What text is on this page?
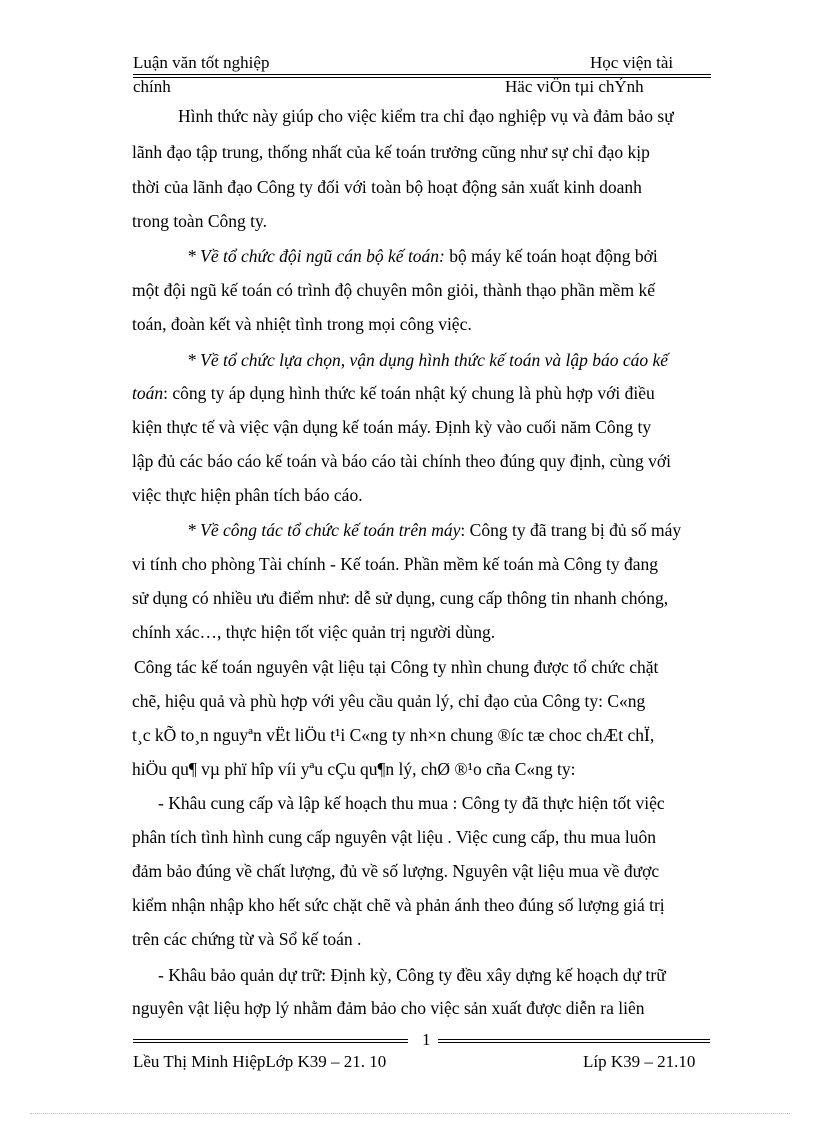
Luận văn tốt nghiệp	Học viện tài
chính	Häc viÖn tµi chÝnh
Hình thức này giúp cho việc kiểm tra chỉ đạo nghiệp vụ và đảm bảo sự
lãnh đạo tập trung, thống nhất của kế toán trưởng cũng như sự chỉ đạo kịp
thời của lãnh đạo Công ty đối với toàn bộ hoạt động sản xuất kinh doanh
trong toàn Công ty.
* Về tổ chức đội ngũ cán bộ kế toán: bộ máy kế toán hoạt động bởi
một đội ngũ kế toán có trình độ chuyên môn giỏi, thành thạo phần mềm kế
toán, đoàn kết và nhiệt tình trong mọi công việc.
* Về tổ chức lựa chọn, vận dụng hình thức kế toán và lập báo cáo kế
toán: công ty áp dụng hình thức kế toán nhật ký chung là phù hợp với điều
kiện thực tế và việc vận dụng kế toán máy. Định kỳ vào cuối năm Công ty
lập đủ các báo cáo kế toán và báo cáo tài chính theo đúng quy định, cùng với
việc thực hiện phân tích báo cáo.
* Về công tác tổ chức kế toán trên máy: Công ty đã trang bị đủ số máy
vi tính cho phòng Tài chính - Kế toán. Phần mềm kế toán mà Công ty đang
sử dụng có nhiều ưu điểm như: dễ sử dụng, cung cấp thông tin nhanh chóng,
chính xác…, thực hiện tốt việc quản trị người dùng.
Công tác kế toán nguyên vật liệu tại Công ty nhìn chung được tổ chức chặt
chẽ, hiệu quả và phù hợp với yêu cầu quản lý, chỉ đạo của Công ty: C«ng
t¸c kÕ to¸n nguyªn vËt liÖu t¹i C«ng ty nh×n chung ®íc tæ choc chÆt chÏ,
hiÖu qu¶ vµ phï hîp víi yªu cÇu qu¶n lý, chØ ®¹o cña C«ng ty:
- Khâu cung cấp và lập kế hoạch thu mua : Công ty đã thực hiện tốt việc
phân tích tình hình cung cấp nguyên vật liệu . Việc cung cấp, thu mua luôn
đảm bảo đúng về chất lượng, đủ về số lượng. Nguyên vật liệu mua về được
kiểm nhận nhập kho hết sức chặt chẽ và phản ánh theo đúng số lượng giá trị
trên các chứng từ và Sổ kế toán .
- Khâu bảo quản dự trữ: Định kỳ, Công ty đều xây dựng kế hoạch dự trữ
nguyên vật liệu hợp lý nhằm đảm bảo cho việc sản xuất được diễn ra liên
1
Lều Thị Minh HiệpLớp K39 – 21. 10	Líp K39 – 21.10
